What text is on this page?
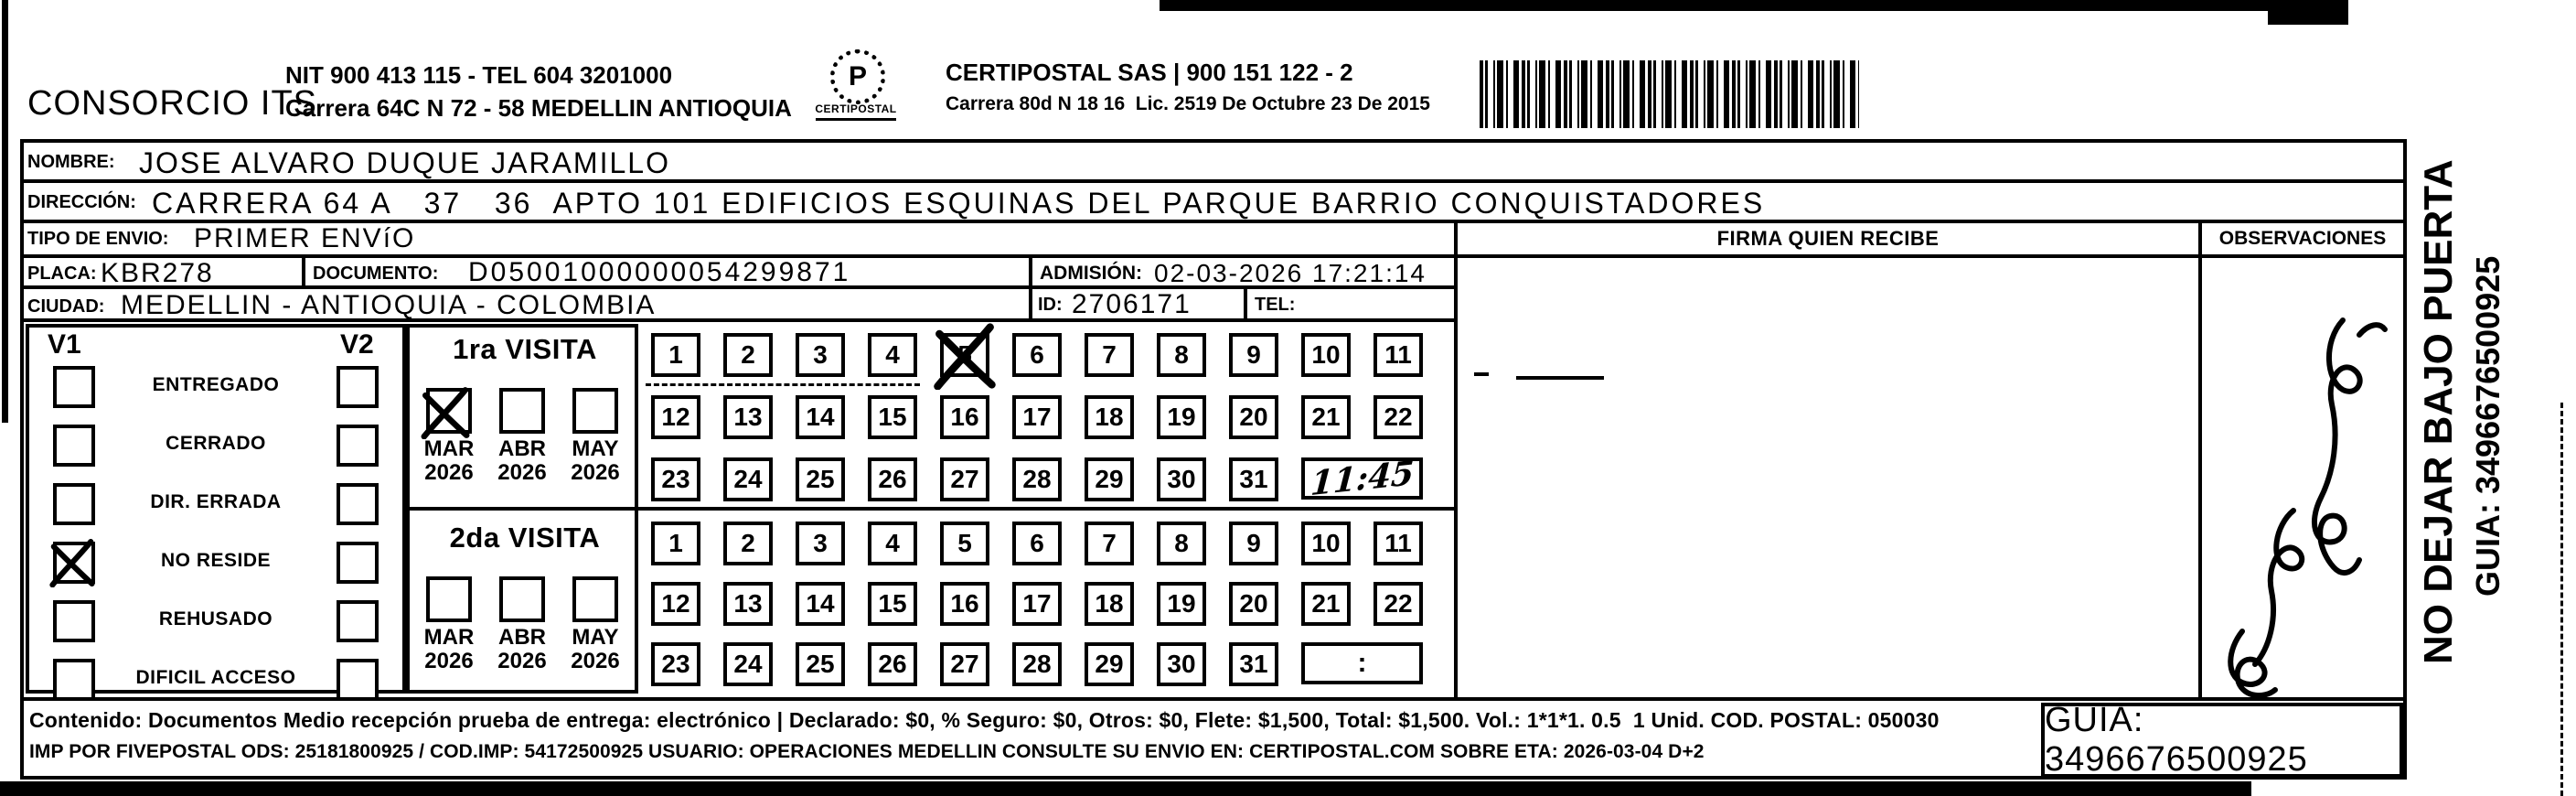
CONSORCIO ITS
NIT 900 413 115 - TEL 604 3201000
Carrera 64C N 72 - 58 MEDELLIN ANTIOQUIA
P
CERTIPOSTAL
CERTIPOSTAL SAS | 900 151 122 - 2
Carrera 80d N 18 16  Lic. 2519 De Octubre 23 De 2015
NOMBRE: JOSE ALVARO DUQUE JARAMILLO
DIRECCIÓN: CARRERA 64 A   37   36  APTO 101 EDIFICIOS ESQUINAS DEL PARQUE BARRIO CONQUISTADORES
TIPO DE ENVIO: PRIMER ENVíO	FIRMA QUIEN RECIBE	OBSERVACIONES
PLACA: KBR278	DOCUMENTO: D05001000000054299871	ADMISIÓN: 02-03-2026 17:21:14
CIUDAD: MEDELLIN - ANTIOQUIA - COLOMBIA	ID: 2706171	TEL:
V1	V2
ENTREGADO
CERRADO
DIR. ERRADA
NO RESIDE
REHUSADO
DIFICIL ACCESO
1ra VISITA
MAR
2026
ABR
2026
MAY
2026
2da VISITA
MAR
2026
ABR
2026
MAY
2026
1	2	3	4	5	6	7	8	9	10	11
12	13	14	15	16	17	18	19	20	21	22
23	24	25	26	27	28	29	30	31	11:45
1	2	3	4	5	6	7	8	9	10	11
12	13	14	15	16	17	18	19	20	21	22
23	24	25	26	27	28	29	30	31	:
Contenido: Documentos Medio recepción prueba de entrega: electrónico | Declarado: $0, % Seguro: $0, Otros: $0, Flete: $1,500, Total: $1,500. Vol.: 1*1*1. 0.5  1 Unid. COD. POSTAL: 050030
IMP POR FIVEPOSTAL ODS: 25181800925 / COD.IMP: 54172500925 USUARIO: OPERACIONES MEDELLIN CONSULTE SU ENVIO EN: CERTIPOSTAL.COM SOBRE ETA: 2026-03-04 D+2
GUIA: 3496676500925
NO DEJAR BAJO PUERTA GUIA: 3496676500925
